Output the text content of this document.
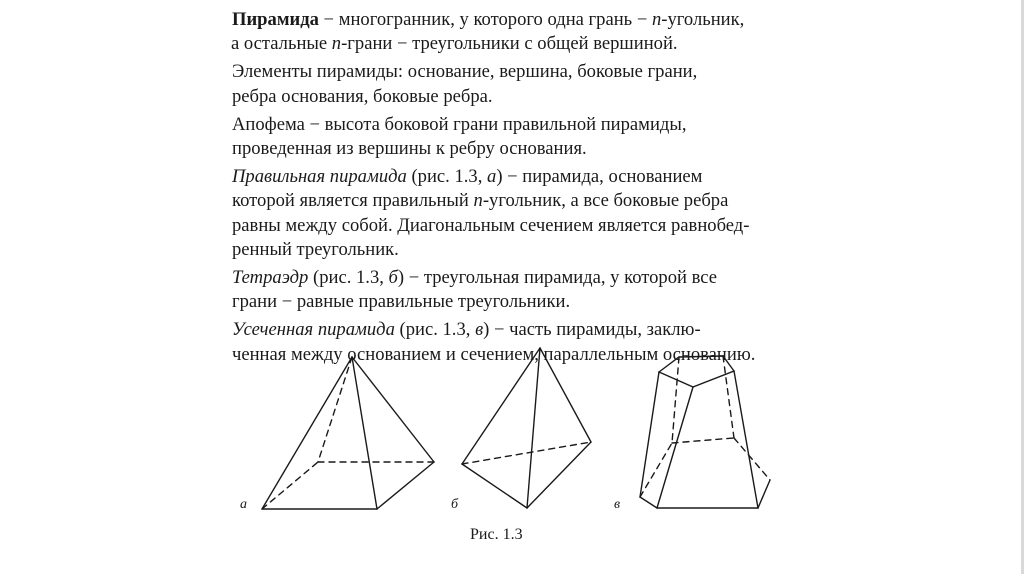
Пирамида − многогранник, у которого одна грань − n-угольник,
а остальные n-грани − треугольники с общей вершиной.

Элементы пирамиды: основание, вершина, боковые грани,
ребра основания, боковые ребра.

Апофема − высота боковой грани правильной пирамиды,
проведенная из вершины к ребру основания.

Правильная пирамида (рис. 1.3, а) − пирамида, основанием
которой является правильный n-угольник, а все боковые ребра
равны между собой. Диагональным сечением является равнобед-
ренный треугольник.

Тетраэдр (рис. 1.3, б) − треугольная пирамида, у которой все
грани − равные правильные треугольники.

Усеченная пирамида (рис. 1.3, в) − часть пирамиды, заклю-
ченная между основанием и сечением, параллельным основанию.

а	б	в
Рис. 1.3
